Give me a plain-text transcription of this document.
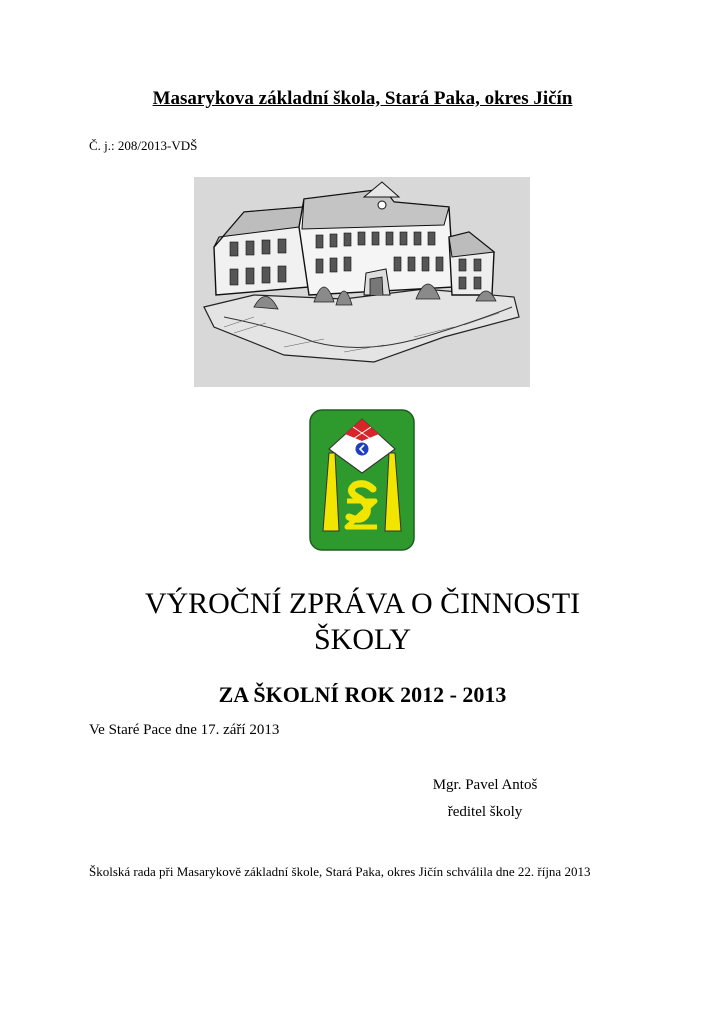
Masarykova základní škola, Stará Paka, okres Jičín

Č. j.: 208/2013-VDŠ

VÝROČNÍ ZPRÁVA O ČINNOSTI
ŠKOLY
ZA ŠKOLNÍ ROK 2012 - 2013

Ve Staré Pace dne 17. září 2013

Mgr. Pavel Antoš
ředitel školy

Školská rada při Masarykově základní škole, Stará Paka, okres Jičín schválila dne 22. října 2013
